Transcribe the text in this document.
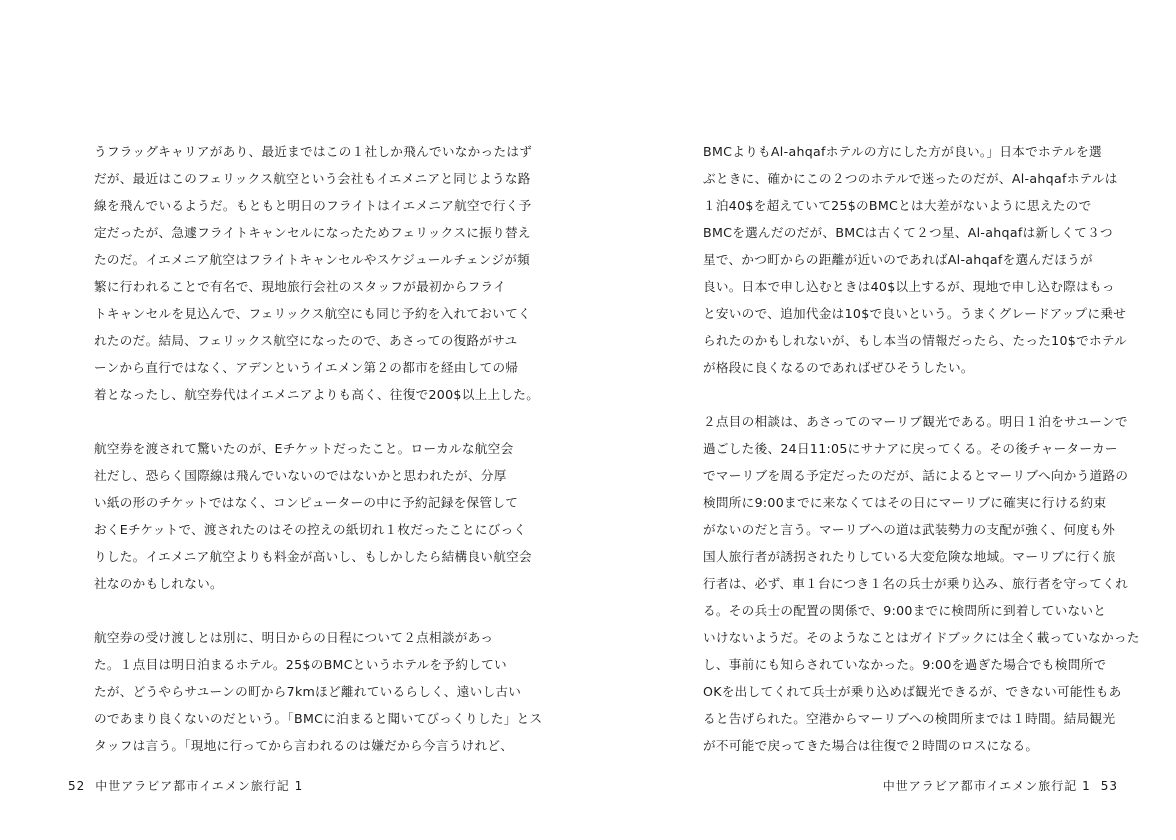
うフラッグキャリアがあり、最近まではこの１社しか飛んでいなかったはず
だが、最近はこのフェリックス航空という会社もイエメニアと同じような路
線を飛んでいるようだ。もともと明日のフライトはイエメニア航空で行く予
定だったが、急遽フライトキャンセルになったためフェリックスに振り替え
たのだ。イエメニア航空はフライトキャンセルやスケジュールチェンジが頻
繁に行われることで有名で、現地旅行会社のスタッフが最初からフライ
トキャンセルを見込んで、フェリックス航空にも同じ予約を入れておいてく
れたのだ。結局、フェリックス航空になったので、あさっての復路がサユ
ーンから直行ではなく、アデンというイエメン第２の都市を経由しての帰
着となったし、航空券代はイエメニアよりも高く、往復で200$以上上した。

航空券を渡されて驚いたのが、Eチケットだったこと。ローカルな航空会
社だし、恐らく国際線は飛んでいないのではないかと思われたが、分厚
い紙の形のチケットではなく、コンピューターの中に予約記録を保管して
おくEチケットで、渡されたのはその控えの紙切れ１枚だったことにびっく
りした。イエメニア航空よりも料金が高いし、もしかしたら結構良い航空会
社なのかもしれない。

航空券の受け渡しとは別に、明日からの日程について２点相談があっ
た。１点目は明日泊まるホテル。25$のBMCというホテルを予約してい
たが、どうやらサユーンの町から7kmほど離れているらしく、遠いし古い
のであまり良くないのだという。「BMCに泊まると聞いてびっくりした」とス
タッフは言う。「現地に行ってから言われるのは嫌だから今言うけれど、

52 中世アラビア都市イエメン旅行記 1

BMCよりもAl-ahqafホテルの方にした方が良い。」日本でホテルを選
ぶときに、確かにこの２つのホテルで迷ったのだが、Al-ahqafホテルは
１泊40$を超えていて25$のBMCとは大差がないように思えたので
BMCを選んだのだが、BMCは古くて２つ星、Al-ahqafは新しくて３つ
星で、かつ町からの距離が近いのであればAl-ahqafを選んだほうが
良い。日本で申し込むときは40$以上するが、現地で申し込む際はもっ
と安いので、追加代金は10$で良いという。うまくグレードアップに乗せ
られたのかもしれないが、もし本当の情報だったら、たった10$でホテル
が格段に良くなるのであればぜひそうしたい。

２点目の相談は、あさってのマーリブ観光である。明日１泊をサユーンで
過ごした後、24日11:05にサナアに戻ってくる。その後チャーターカー
でマーリブを周る予定だったのだが、話によるとマーリブへ向かう道路の
検問所に9:00までに来なくてはその日にマーリブに確実に行ける約束
がないのだと言う。マーリブへの道は武装勢力の支配が強く、何度も外
国人旅行者が誘拐されたりしている大変危険な地域。マーリブに行く旅
行者は、必ず、車１台につき１名の兵士が乗り込み、旅行者を守ってくれ
る。その兵士の配置の関係で、9:00までに検問所に到着していないと
いけないようだ。そのようなことはガイドブックには全く載っていなかった
し、事前にも知らされていなかった。9:00を過ぎた場合でも検問所で
OKを出してくれて兵士が乗り込めば観光できるが、できない可能性もあ
ると告げられた。空港からマーリブへの検問所までは１時間。結局観光
が不可能で戻ってきた場合は往復で２時間のロスになる。

中世アラビア都市イエメン旅行記 1 53
